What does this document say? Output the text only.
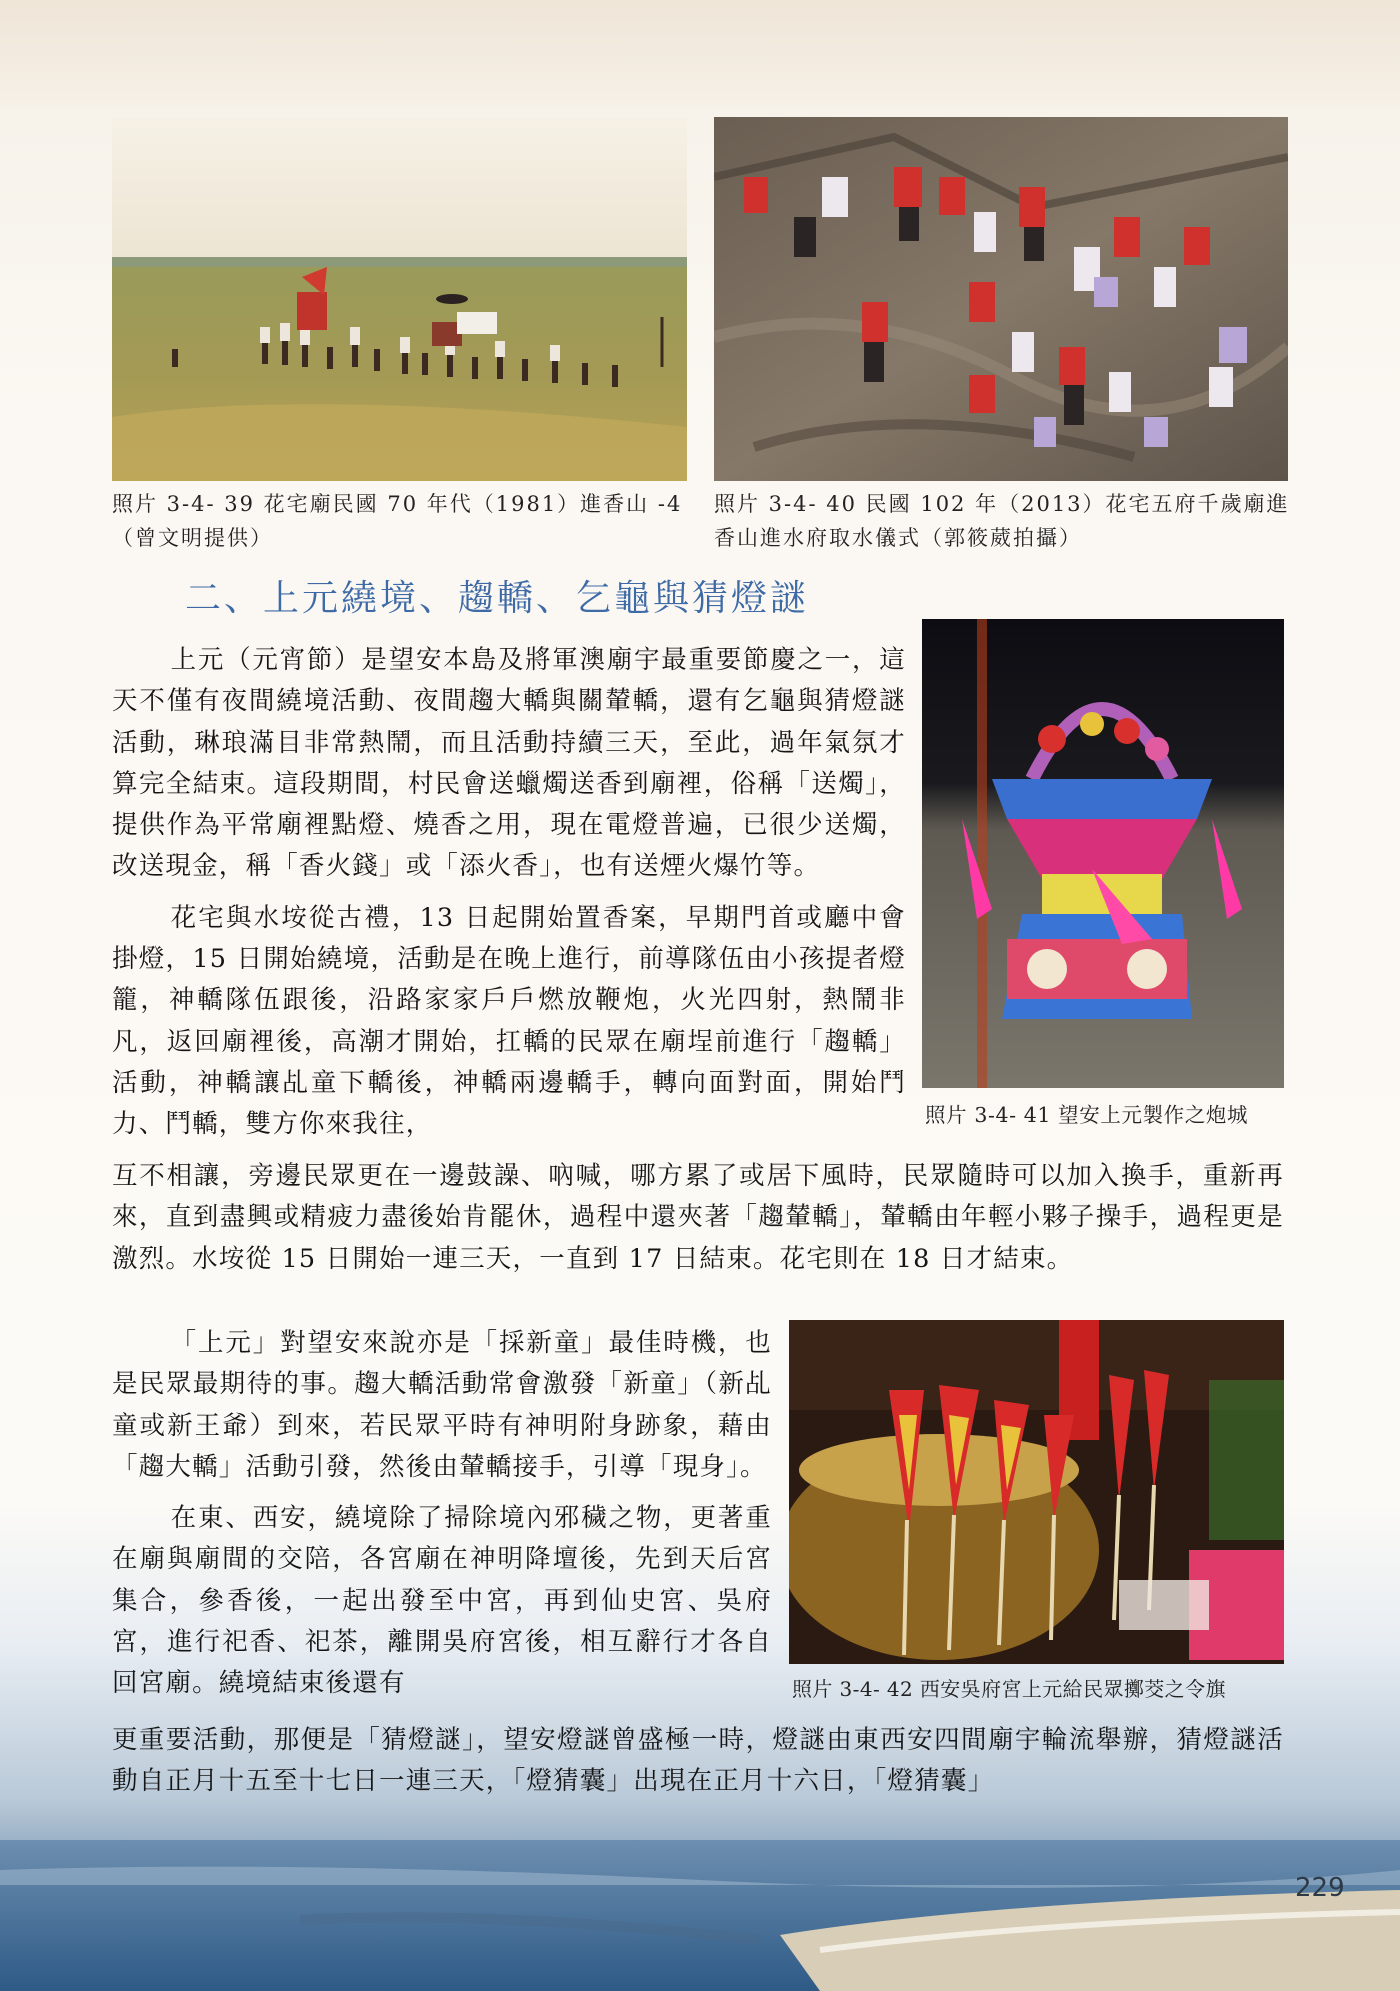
照片 3-4- 39 花宅廟民國 70 年代（1981）進香山 -4（曾文明提供）
照片 3-4- 40 民國 102 年（2013）花宅五府千歲廟進香山進水府取水儀式（郭筱葳拍攝）
二、上元繞境、趨轎、乞龜與猜燈謎
照片 3-4- 41 望安上元製作之炮城

上元（元宵節）是望安本島及將軍澳廟宇最重要節慶之一，這天不僅有夜間繞境活動、夜間趨大轎與關輦轎，還有乞龜與猜燈謎活動，琳琅滿目非常熱鬧，而且活動持續三天，至此，過年氣氛才算完全結束。這段期間，村民會送蠟燭送香到廟裡，俗稱「送燭」，提供作為平常廟裡點燈、燒香之用，現在電燈普遍，已很少送燭，改送現金，稱「香火錢」或「添火香」，也有送煙火爆竹等。

花宅與水垵從古禮，13 日起開始置香案，早期門首或廳中會掛燈，15 日開始繞境，活動是在晚上進行，前導隊伍由小孩提者燈籠，神轎隊伍跟後，沿路家家戶戶燃放鞭炮，火光四射，熱鬧非凡，返回廟裡後，高潮才開始，扛轎的民眾在廟埕前進行「趨轎」活動，神轎讓乩童下轎後，神轎兩邊轎手，轉向面對面，開始鬥力、鬥轎，雙方你來我往，

互不相讓，旁邊民眾更在一邊鼓譟、吶喊，哪方累了或居下風時，民眾隨時可以加入換手，重新再來，直到盡興或精疲力盡後始肯罷休，過程中還夾著「趨輦轎」，輦轎由年輕小夥子操手，過程更是激烈。水垵從 15 日開始一連三天，一直到 17 日結束。花宅則在 18 日才結束。

照片 3-4- 42 西安吳府宮上元給民眾擲茭之令旗

「上元」對望安來說亦是「採新童」最佳時機，也是民眾最期待的事。趨大轎活動常會激發「新童」（新乩童或新王爺）到來，若民眾平時有神明附身跡象，藉由「趨大轎」活動引發，然後由輦轎接手，引導「現身」。

在東、西安，繞境除了掃除境內邪穢之物，更著重在廟與廟間的交陪，各宮廟在神明降壇後，先到天后宮集合，參香後，一起出發至中宮，再到仙史宮、吳府宮，進行祀香、祀茶，離開吳府宮後，相互辭行才各自回宮廟。繞境結束後還有

更重要活動，那便是「猜燈謎」，望安燈謎曾盛極一時，燈謎由東西安四間廟宇輪流舉辦，猜燈謎活動自正月十五至十七日一連三天，「燈猜囊」出現在正月十六日，「燈猜囊」

229
